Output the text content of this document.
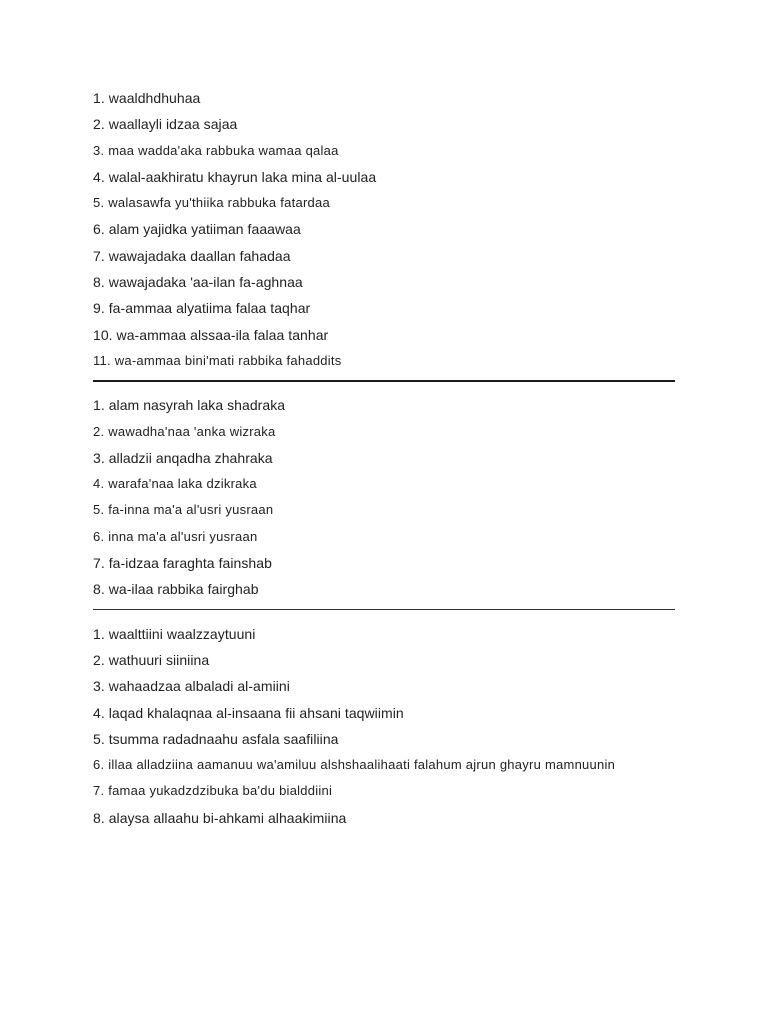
1. waaldhdhuhaa
2. waallayli idzaa sajaa
3. maa wadda'aka rabbuka wamaa qalaa
4. walal-aakhiratu khayrun laka mina al-uulaa
5. walasawfa yu'thiika rabbuka fatardaa
6. alam yajidka yatiiman faaawaa
7. wawajadaka daallan fahadaa
8. wawajadaka 'aa-ilan fa-aghnaa
9. fa-ammaa alyatiima falaa taqhar
10. wa-ammaa alssaa-ila falaa tanhar
11. wa-ammaa bini'mati rabbika fahaddits
1. alam nasyrah laka shadraka
2. wawadha'naa 'anka wizraka
3. alladzii anqadha zhahraka
4. warafa'naa laka dzikraka
5. fa-inna ma'a al'usri yusraan
6. inna ma'a al'usri yusraan
7. fa-idzaa faraghta fainshab
8. wa-ilaa rabbika fairghab
1. waalttiini waalzzaytuuni
2. wathuuri siiniina
3. wahaadzaa albaladi al-amiini
4. laqad khalaqnaa al-insaana fii ahsani taqwiimin
5. tsumma radadnaahu asfala saafiliina
6. illaa alladziina aamanuu wa'amiluu alshshaalihaati falahum ajrun ghayru mamnuunin
7. famaa yukadzdzibuka ba'du bialddiini
8. alaysa allaahu bi-ahkami alhaakimiina
